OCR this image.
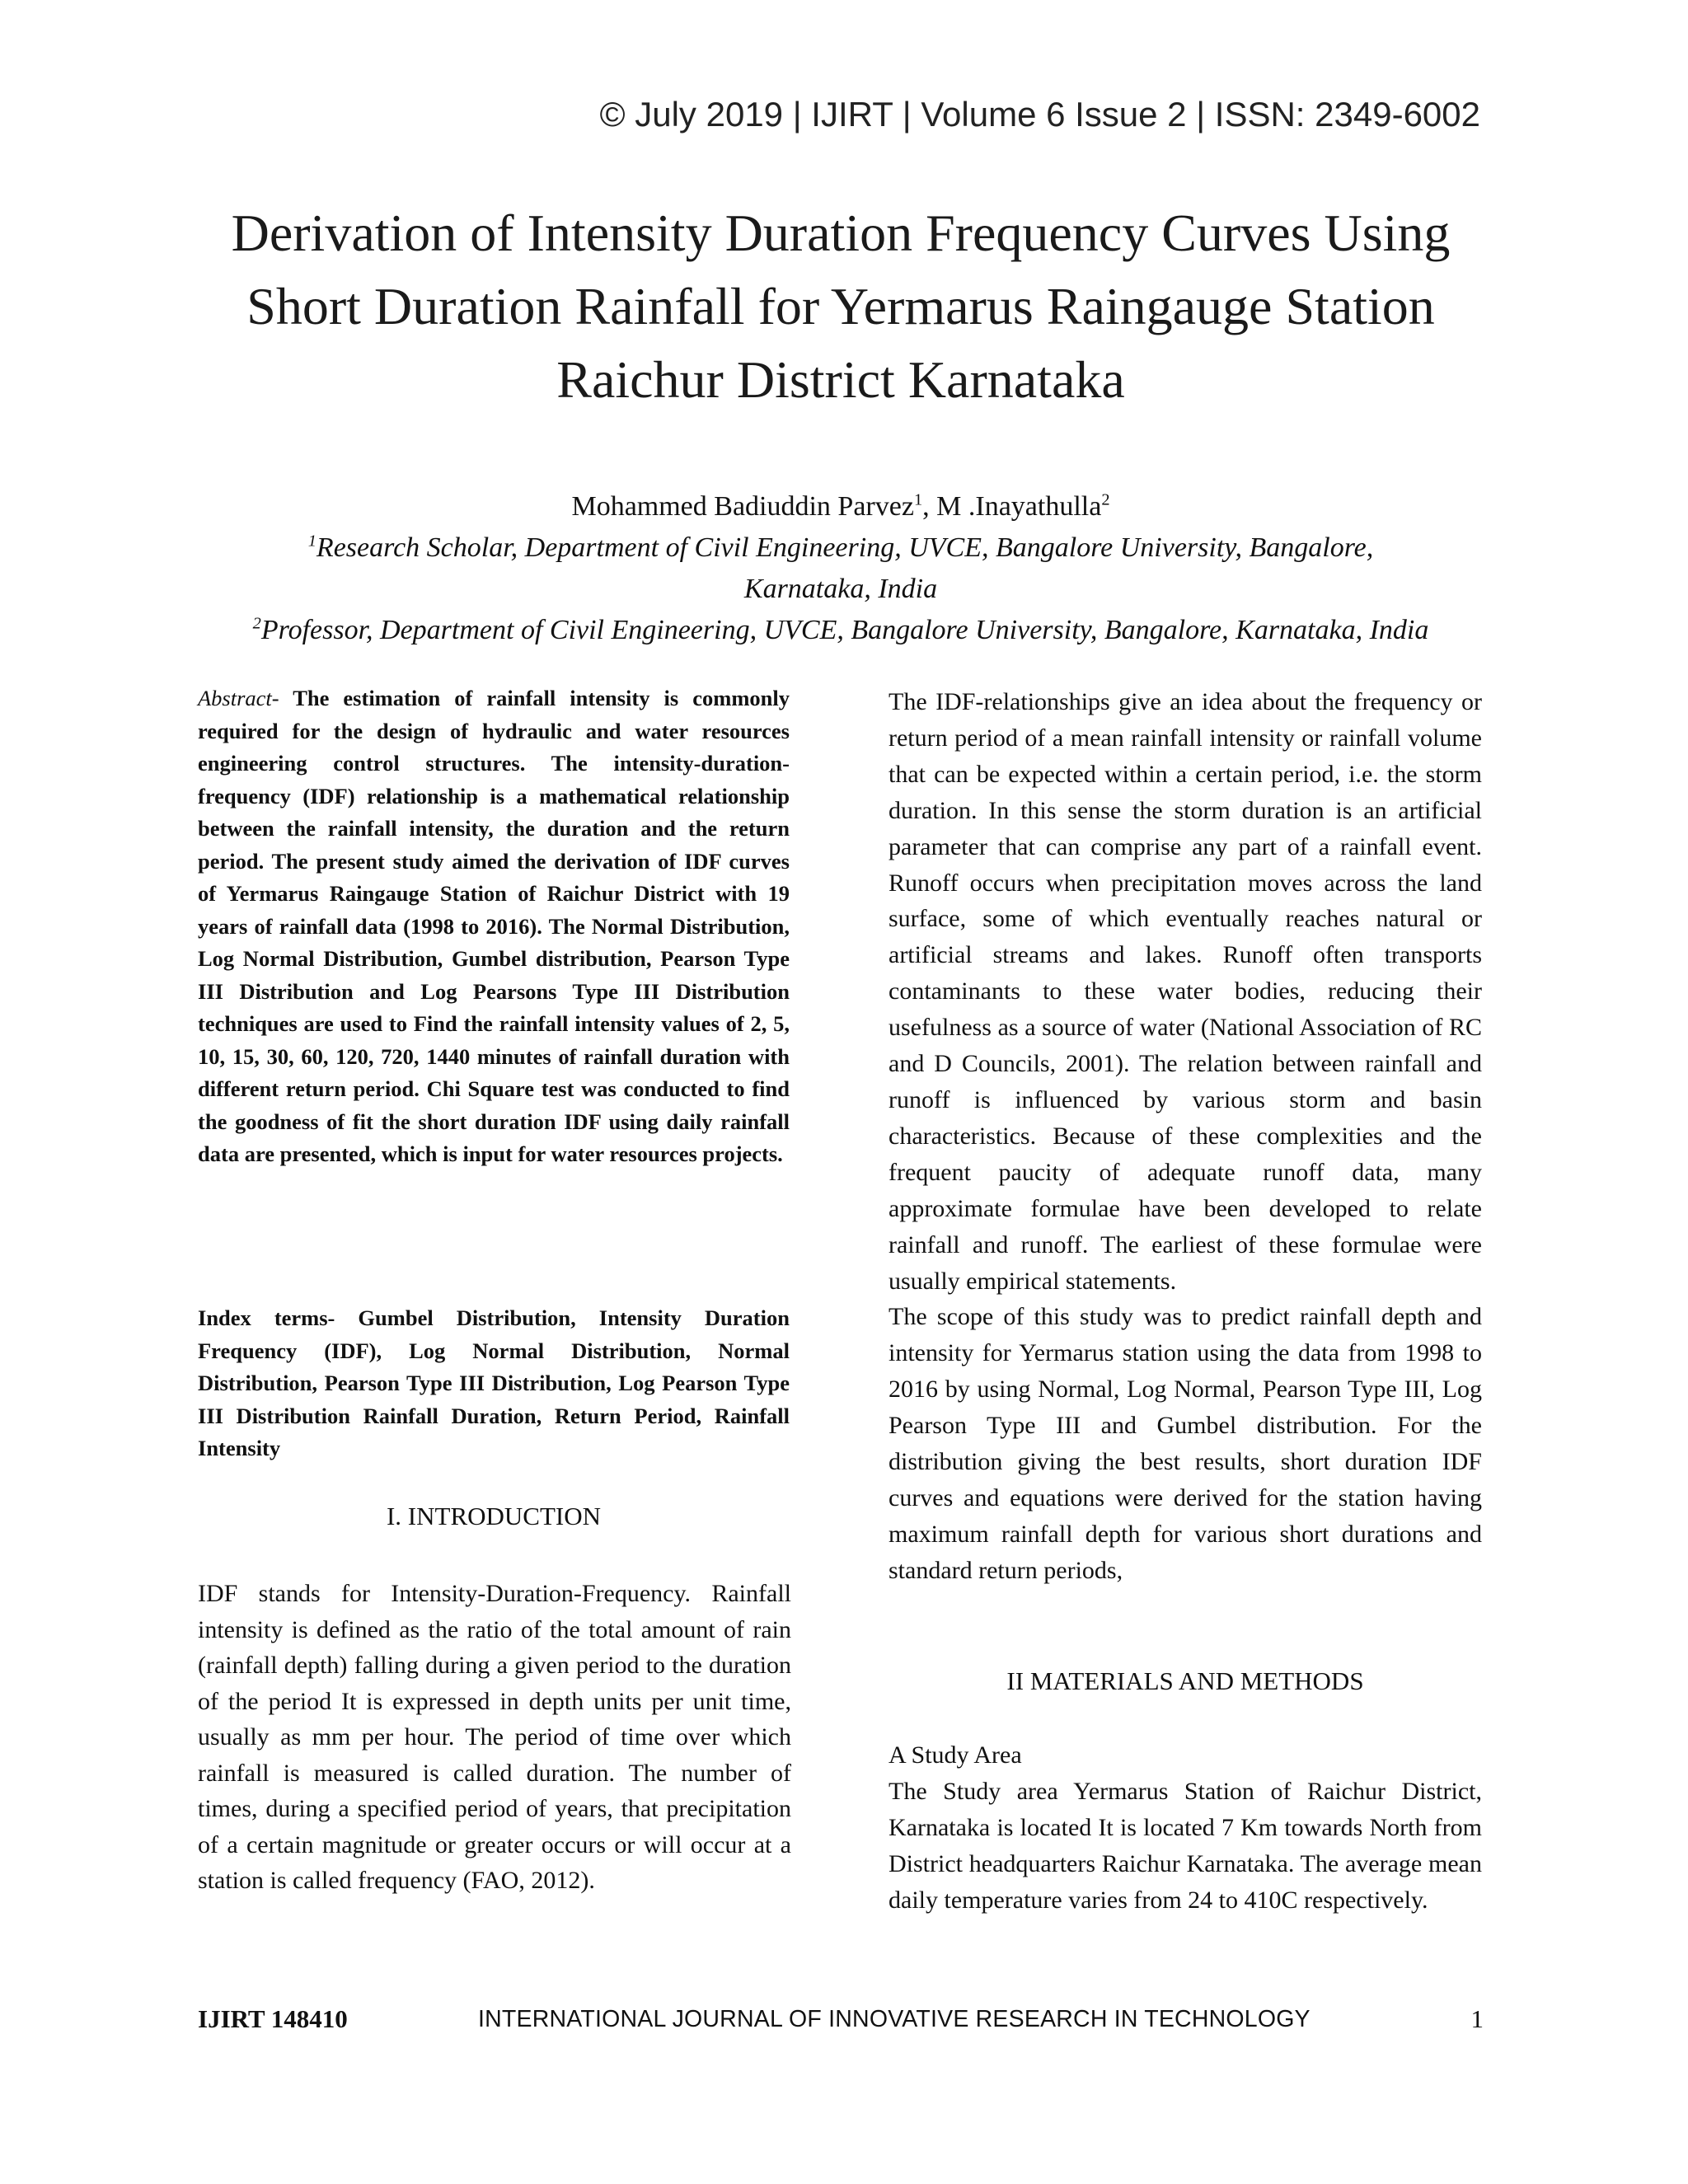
© July 2019 | IJIRT | Volume 6 Issue 2 | ISSN: 2349-6002
Derivation of Intensity Duration Frequency Curves Using
Short Duration Rainfall for Yermarus Raingauge Station
Raichur District Karnataka
Mohammed Badiuddin Parvez$^1$, M .Inayathulla$^2$
$^1$Research Scholar, Department of Civil Engineering, UVCE, Bangalore University, Bangalore,
Karnataka, India
$^2$Professor, Department of Civil Engineering, UVCE, Bangalore University, Bangalore, Karnataka, India
Abstract- The estimation of rainfall intensity is commonly required for the design of hydraulic and water resources engineering control structures. The intensity-duration-frequency (IDF) relationship is a mathematical relationship between the rainfall intensity, the duration and the return period. The present study aimed the derivation of IDF curves of Yermarus Raingauge Station of Raichur District with 19 years of rainfall data (1998 to 2016). The Normal Distribution, Log Normal Distribution, Gumbel distribution, Pearson Type III Distribution and Log Pearsons Type III Distribution techniques are used to Find the rainfall intensity values of 2, 5, 10, 15, 30, 60, 120, 720, 1440 minutes of rainfall duration with different return period. Chi Square test was conducted to find the goodness of fit the short duration IDF using daily rainfall data are presented, which is input for water resources projects.
Index terms- Gumbel Distribution, Intensity Duration Frequency (IDF), Log Normal Distribution, Normal Distribution, Pearson Type III Distribution, Log Pearson Type III Distribution Rainfall Duration, Return Period, Rainfall Intensity
I. INTRODUCTION

IDF stands for Intensity-Duration-Frequency. Rainfall intensity is defined as the ratio of the total amount of rain (rainfall depth) falling during a given period to the duration of the period It is expressed in depth units per unit time, usually as mm per hour. The period of time over which rainfall is measured is called duration. The number of times, during a specified period of years, that precipitation of a certain magnitude or greater occurs or will occur at a station is called frequency (FAO, 2012).

The IDF-relationships give an idea about the frequency or return period of a mean rainfall intensity or rainfall volume that can be expected within a certain period, i.e. the storm duration. In this sense the storm duration is an artificial parameter that can comprise any part of a rainfall event. Runoff occurs when precipitation moves across the land surface, some of which eventually reaches natural or artificial streams and lakes. Runoff often transports contaminants to these water bodies, reducing their usefulness as a source of water (National Association of RC and D Councils, 2001). The relation between rainfall and runoff is influenced by various storm and basin characteristics. Because of these complexities and the frequent paucity of adequate runoff data, many approximate formulae have been developed to relate rainfall and runoff. The earliest of these formulae were usually empirical statements.

The scope of this study was to predict rainfall depth and intensity for Yermarus station using the data from 1998 to 2016 by using Normal, Log Normal, Pearson Type III, Log Pearson Type III and Gumbel distribution. For the distribution giving the best results, short duration IDF curves and equations were derived for the station having maximum rainfall depth for various short durations and standard return periods,

II MATERIALS AND METHODS

A Study Area

The Study area Yermarus Station of Raichur District, Karnataka is located It is located 7 Km towards North from District headquarters Raichur Karnataka. The average mean daily temperature varies from 24 to 410C respectively.

IJIRT 148410	INTERNATIONAL JOURNAL OF INNOVATIVE RESEARCH IN TECHNOLOGY	1
